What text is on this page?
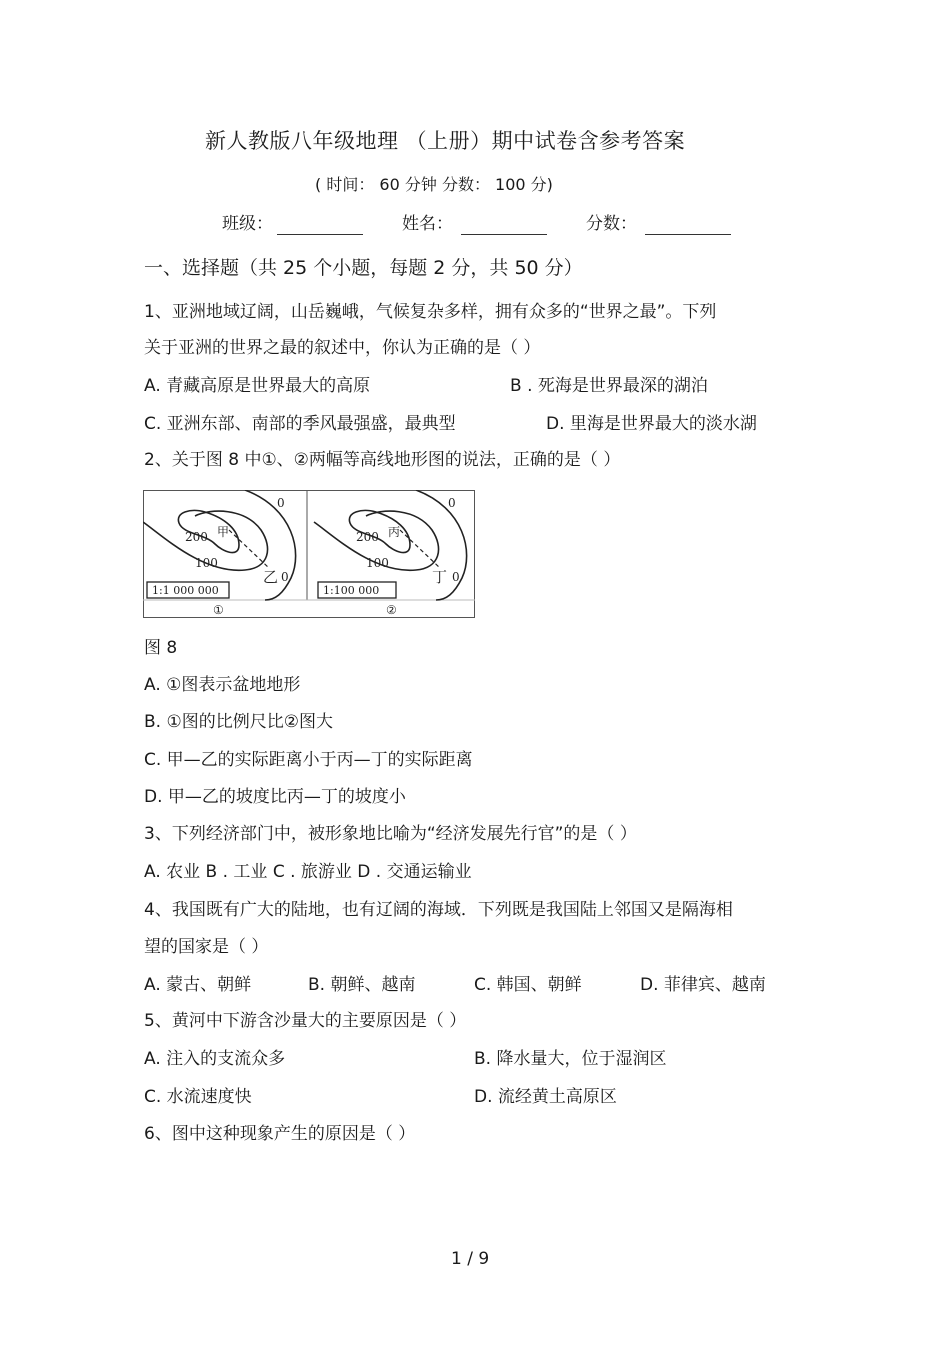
新人教版八年级地理 （上册）期中试卷含参考答案
( 时间： 60 分钟 分数： 100 分)
班级：	姓名：	分数：
一、选择题（共 25 个小题，每题 2 分，共 50 分）
1、亚洲地域辽阔，山岳巍峨，气候复杂多样，拥有众多的“世界之最”。下列
关于亚洲的世界之最的叙述中，你认为正确的是（ ）
A. 青藏高原是世界最大的高原	B . 死海是世界最深的湖泊
C. 亚洲东部、南部的季风最强盛，最典型	D. 里海是世界最大的淡水湖
2、关于图 8 中①、②两幅等高线地形图的说法，正确的是（ ）
200
100
0
0
甲
乙
1:1 000 000
①
200
100
0
0
丙
丁
1:100 000
②
图 8
A. ①图表示盆地地形
B. ①图的比例尺比②图大
C. 甲—乙的实际距离小于丙—丁的实际距离
D. 甲—乙的坡度比丙—丁的坡度小
3、下列经济部门中，被形象地比喻为“经济发展先行官”的是（ ）
A. 农业 B . 工业 C . 旅游业 D . 交通运输业
4、我国既有广大的陆地，也有辽阔的海域．下列既是我国陆上邻国又是隔海相
望的国家是（ ）
A. 蒙古、朝鲜	B. 朝鲜、越南	C. 韩国、朝鲜	D. 菲律宾、越南
5、黄河中下游含沙量大的主要原因是（ ）
A. 注入的支流众多	B. 降水量大，位于湿润区
C. 水流速度快	D. 流经黄土高原区
6、图中这种现象产生的原因是（ ）
1 / 9
